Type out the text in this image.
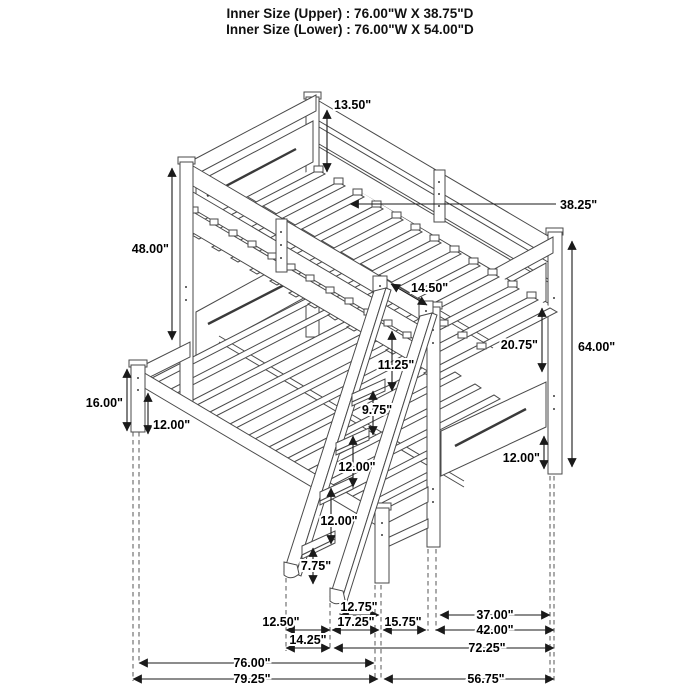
Inner Size (Upper) : 76.00"W X 38.75"D
Inner Size (Lower) : 76.00"W X 54.00"D
48.00"
16.00"
12.00"
13.50"
38.25"
14.50"
11.25"
9.75"
12.00"
12.00"
7.75"
20.75"
12.00"
64.00"
12.75"
37.00"
12.50"	17.25" 15.75"
42.00"
14.25"
72.25"
76.00"
79.25"	56.75"
